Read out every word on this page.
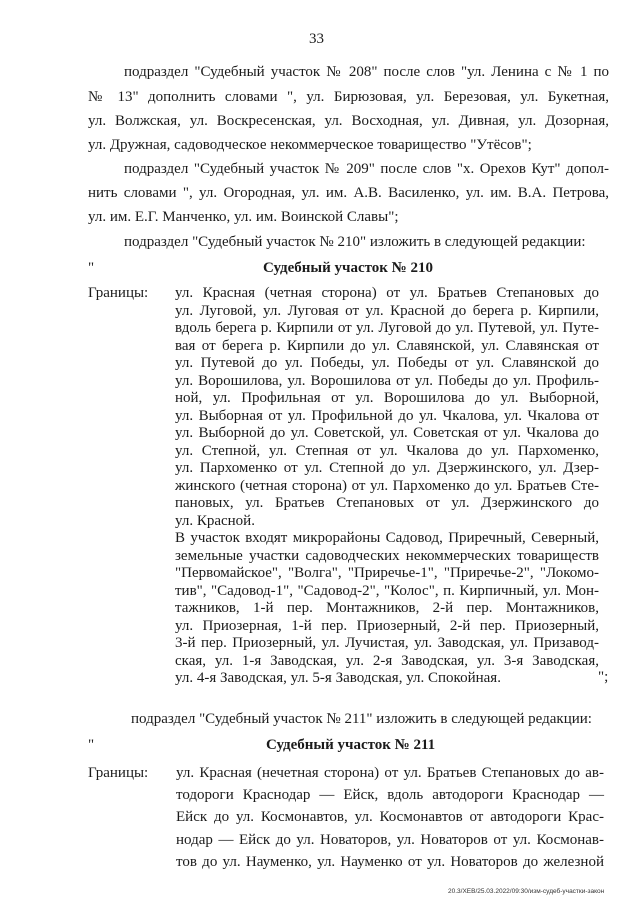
33
подраздел "Судебный участок № 208" после слов "ул. Ленина с № 1 по
№ 13" дополнить словами ", ул. Бирюзовая, ул. Березовая, ул. Букетная,
ул. Волжская, ул. Воскресенская, ул. Восходная, ул. Дивная, ул. Дозорная,
ул. Дружная, садоводческое некоммерческое товарищество "Утёсов";
подраздел "Судебный участок № 209" после слов "х. Орехов Кут" допол-
нить словами ", ул. Огородная, ул. им. А.В. Василенко, ул. им. В.А. Петрова,
ул. им. Е.Г. Манченко, ул. им. Воинской Славы";
подраздел "Судебный участок № 210" изложить в следующей редакции:
"	Судебный участок № 210
Границы: ул. Красная (четная сторона) от ул. Братьев Степановых до
ул. Луговой, ул. Луговая от ул. Красной до берега р. Кирпили,
вдоль берега р. Кирпили от ул. Луговой до ул. Путевой, ул. Путе-
вая от берега р. Кирпили до ул. Славянской, ул. Славянская от
ул. Путевой до ул. Победы, ул. Победы от ул. Славянской до
ул. Ворошилова, ул. Ворошилова от ул. Победы до ул. Профиль-
ной, ул. Профильная от ул. Ворошилова до ул. Выборной,
ул. Выборная от ул. Профильной до ул. Чкалова, ул. Чкалова от
ул. Выборной до ул. Советской, ул. Советская от ул. Чкалова до
ул. Степной, ул. Степная от ул. Чкалова до ул. Пархоменко,
ул. Пархоменко от ул. Степной до ул. Дзержинского, ул. Дзер-
жинского (четная сторона) от ул. Пархоменко до ул. Братьев Сте-
пановых, ул. Братьев Степановых от ул. Дзержинского до
ул. Красной.
В участок входят микрорайоны Садовод, Приречный, Северный,
земельные участки садоводческих некоммерческих товариществ
"Первомайское", "Волга", "Приречье-1", "Приречье-2", "Локомо-
тив", "Садовод-1", "Садовод-2", "Колос", п. Кирпичный, ул. Мон-
тажников, 1-й пер. Монтажников, 2-й пер. Монтажников,
ул. Приозерная, 1-й пер. Приозерный, 2-й пер. Приозерный,
3-й пер. Приозерный, ул. Лучистая, ул. Заводская, ул. Призавод-
ская, ул. 1-я Заводская, ул. 2-я Заводская, ул. 3-я Заводская,
ул. 4-я Заводская, ул. 5-я Заводская, ул. Спокойная.	";
подраздел "Судебный участок № 211" изложить в следующей редакции:
"	Судебный участок № 211
Границы: ул. Красная (нечетная сторона) от ул. Братьев Степановых до ав-
тодороги Краснодар — Ейск, вдоль автодороги Краснодар —
Ейск до ул. Космонавтов, ул. Космонавтов от автодороги Крас-
нодар — Ейск до ул. Новаторов, ул. Новаторов от ул. Космонав-
тов до ул. Науменко, ул. Науменко от ул. Новаторов до железной
20.3/ХЕВ/25.03.2022/09:30/изм-судеб-участки-закон
